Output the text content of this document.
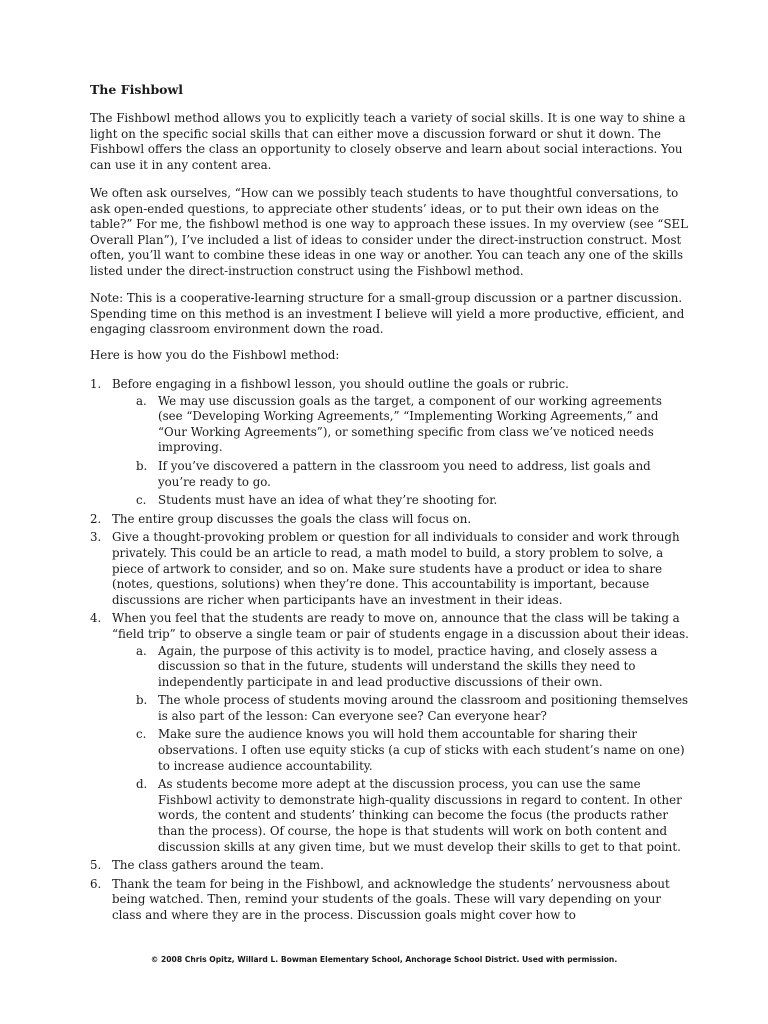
The Fishbowl

The Fishbowl method allows you to explicitly teach a variety of social skills. It is one way to shine a light on the specific social skills that can either move a discussion forward or shut it down. The Fishbowl offers the class an opportunity to closely observe and learn about social interactions. You can use it in any content area.

We often ask ourselves, “How can we possibly teach students to have thoughtful conversations, to ask open-ended questions, to appreciate other students’ ideas, or to put their own ideas on the table?” For me, the fishbowl method is one way to approach these issues. In my overview (see “SEL Overall Plan”), I’ve included a list of ideas to consider under the direct-instruction construct. Most often, you’ll want to combine these ideas in one way or another. You can teach any one of the skills listed under the direct-instruction construct using the Fishbowl method.

Note: This is a cooperative-learning structure for a small-group discussion or a partner discussion. Spending time on this method is an investment I believe will yield a more productive, efficient, and engaging classroom environment down the road.

Here is how you do the Fishbowl method:

1. Before engaging in a fishbowl lesson, you should outline the goals or rubric.
a. We may use discussion goals as the target, a component of our working agreements (see “Developing Working Agreements,” “Implementing Working Agreements,” and “Our Working Agreements”), or something specific from class we’ve noticed needs improving.
b. If you’ve discovered a pattern in the classroom you need to address, list goals and you’re ready to go.
c. Students must have an idea of what they’re shooting for.
2. The entire group discusses the goals the class will focus on.
3. Give a thought-provoking problem or question for all individuals to consider and work through privately. This could be an article to read, a math model to build, a story problem to solve, a piece of artwork to consider, and so on. Make sure students have a product or idea to share (notes, questions, solutions) when they’re done. This accountability is important, because discussions are richer when participants have an investment in their ideas.
4. When you feel that the students are ready to move on, announce that the class will be taking a “field trip” to observe a single team or pair of students engage in a discussion about their ideas.
a. Again, the purpose of this activity is to model, practice having, and closely assess a discussion so that in the future, students will understand the skills they need to independently participate in and lead productive discussions of their own.
b. The whole process of students moving around the classroom and positioning themselves is also part of the lesson: Can everyone see? Can everyone hear?
c. Make sure the audience knows you will hold them accountable for sharing their observations. I often use equity sticks (a cup of sticks with each student’s name on one) to increase audience accountability.
d. As students become more adept at the discussion process, you can use the same Fishbowl activity to demonstrate high-quality discussions in regard to content. In other words, the content and students’ thinking can become the focus (the products rather than the process). Of course, the hope is that students will work on both content and discussion skills at any given time, but we must develop their skills to get to that point.
5. The class gathers around the team.
6. Thank the team for being in the Fishbowl, and acknowledge the students’ nervousness about being watched. Then, remind your students of the goals. These will vary depending on your class and where they are in the process. Discussion goals might cover how to
© 2008 Chris Opitz, Willard L. Bowman Elementary School, Anchorage School District. Used with permission.
